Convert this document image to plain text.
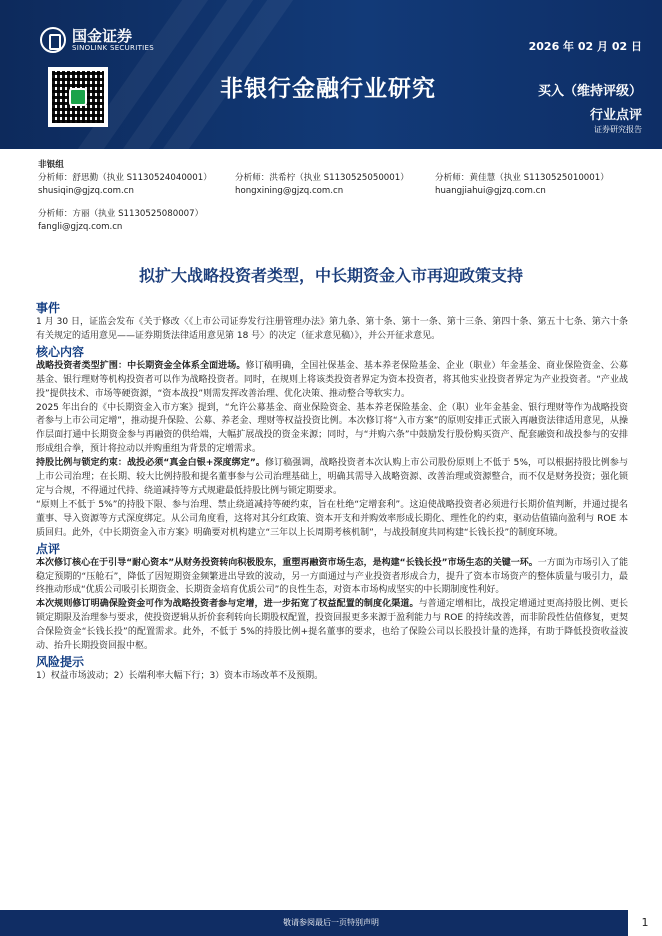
国金证券
SINOLINK SECURITIES	2026 年 02 月 02 日
非银行金融行业研究	买入（维持评级）
行业点评
证券研究报告
非银组
分析师：舒思勤（执业 S1130524040001）
shusiqin@gjzq.com.cn
分析师：洪希柠（执业 S1130525050001）
hongxining@gjzq.com.cn
分析师：黄佳慧（执业 S1130525010001）
huangjiahui@gjzq.com.cn
分析师：方丽（执业 S1130525080007）
fangli@gjzq.com.cn
拟扩大战略投资者类型，中长期资金入市再迎政策支持
事件

1 月 30 日，证监会发布《关于修改〈《上市公司证券发行注册管理办法》第九条、第十条、第十一条、第十三条、第四十条、第五十七条、第六十条有关规定的适用意见——证券期货法律适用意见第 18 号〉的决定（征求意见稿）》，并公开征求意见。

核心内容

战略投资者类型扩围：中长期资金全体系全面进场。修订稿明确，全国社保基金、基本养老保险基金、企业（职业）年金基金、商业保险资金、公募基金、银行理财等机构投资者可以作为战略投资者。同时，在规则上将该类投资者界定为资本投资者，将其他实业投资者界定为产业投资者。“产业战投”提供技术、市场等硬资源，“资本战投”则需发挥改善治理、优化决策、推动整合等软实力。

2025 年出台的《中长期资金入市方案》提到，“允许公募基金、商业保险资金、基本养老保险基金、企（职）业年金基金、银行理财等作为战略投资者参与上市公司定增”，推动提升保险、公募、养老金、理财等权益投资比例。本次修订将“入市方案”的原则安排正式嵌入再融资法律适用意见，从操作层面打通中长期资金参与再融资的供给端，大幅扩展战投的资金来源；同时，与“并购六条”中鼓励发行股份购买资产、配套融资和战投参与的安排形成组合拳，预计将拉动以并购重组为背景的定增需求。

持股比例与锁定约束：战投必须“真金白银+深度绑定”。修订稿强调，战略投资者本次认购上市公司股份原则上不低于 5%，可以根据持股比例参与上市公司治理；在长期、较大比例持股和提名董事参与公司治理基础上，明确其需导入战略资源、改善治理或资源整合，而不仅是财务投资；强化锁定与合规，不得通过代持、绕道减持等方式规避最低持股比例与锁定期要求。

“原则上不低于 5%”的持股下限、参与治理、禁止绕道减持等硬约束，旨在杜绝“定增套利”。这迫使战略投资者必须进行长期价值判断，并通过提名董事、导入资源等方式深度绑定。从公司角度看，这将对其分红政策、资本开支和并购效率形成长期化、理性化的约束，驱动估值锚向盈利与 ROE 本质回归。此外，《中长期资金入市方案》明确要对机构建立“三年以上长周期考核机制”，与战投制度共同构建“长钱长投”的制度环境。

点评

本次修订核心在于引导“耐心资本”从财务投资转向积极股东，重塑再融资市场生态，是构建“长钱长投”市场生态的关键一环。一方面为市场引入了能稳定预期的“压舱石”，降低了因短期资金频繁进出导致的波动，另一方面通过与产业投资者形成合力，提升了资本市场资产的整体质量与吸引力，最终推动形成“优质公司吸引长期资金、长期资金培育优质公司”的良性生态，对资本市场构成坚实的中长期制度性利好。

本次规则修订明确保险资金可作为战略投资者参与定增，进一步拓宽了权益配置的制度化渠道。与普通定增相比，战投定增通过更高持股比例、更长锁定期限及治理参与要求，使投资逻辑从折价套利转向长期股权配置，投资回报更多来源于盈利能力与 ROE 的持续改善，而非阶段性估值修复，更契合保险资金“长钱长投”的配置需求。此外，不低于 5%的持股比例+提名董事的要求，也给了保险公司以长股投计量的选择，有助于降低投资收益波动、抬升长期投资回报中枢。

风险提示

1）权益市场波动；2）长端利率大幅下行；3）资本市场改革不及预期。

敬请参阅最后一页特别声明	1
